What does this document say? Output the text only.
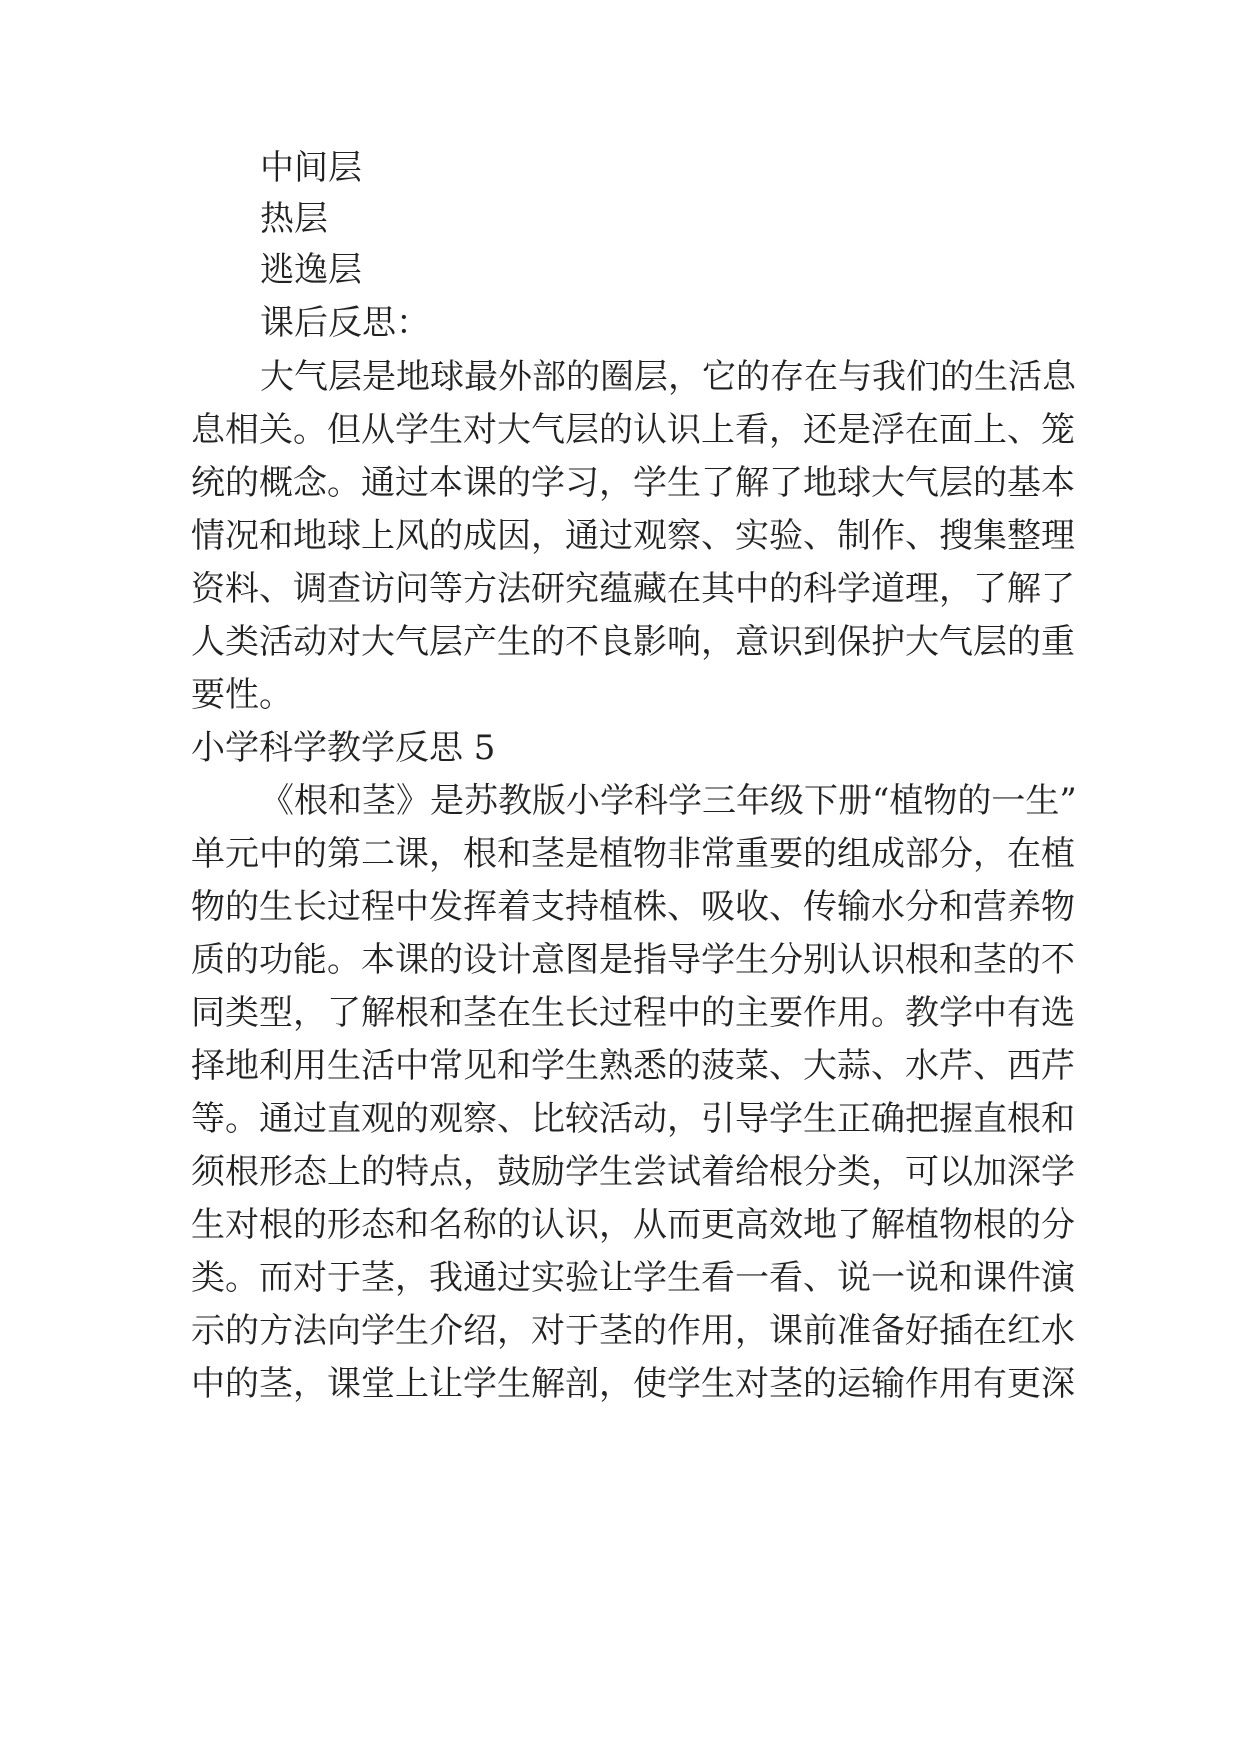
中间层
热层
逃逸层
课后反思：
大气层是地球最外部的圈层，它的存在与我们的生活息
息相关。但从学生对大气层的认识上看，还是浮在面上、笼
统的概念。通过本课的学习，学生了解了地球大气层的基本
情况和地球上风的成因，通过观察、实验、制作、搜集整理
资料、调查访问等方法研究蕴藏在其中的科学道理，了解了
人类活动对大气层产生的不良影响，意识到保护大气层的重
要性。
小学科学教学反思 5
《根和茎》是苏教版小学科学三年级下册“植物的一生”
单元中的第二课，根和茎是植物非常重要的组成部分，在植
物的生长过程中发挥着支持植株、吸收、传输水分和营养物
质的功能。本课的设计意图是指导学生分别认识根和茎的不
同类型，了解根和茎在生长过程中的主要作用。教学中有选
择地利用生活中常见和学生熟悉的菠菜、大蒜、水芹、西芹
等。通过直观的观察、比较活动，引导学生正确把握直根和
须根形态上的特点，鼓励学生尝试着给根分类，可以加深学
生对根的形态和名称的认识，从而更高效地了解植物根的分
类。而对于茎，我通过实验让学生看一看、说一说和课件演
示的方法向学生介绍，对于茎的作用，课前准备好插在红水
中的茎，课堂上让学生解剖，使学生对茎的运输作用有更深
